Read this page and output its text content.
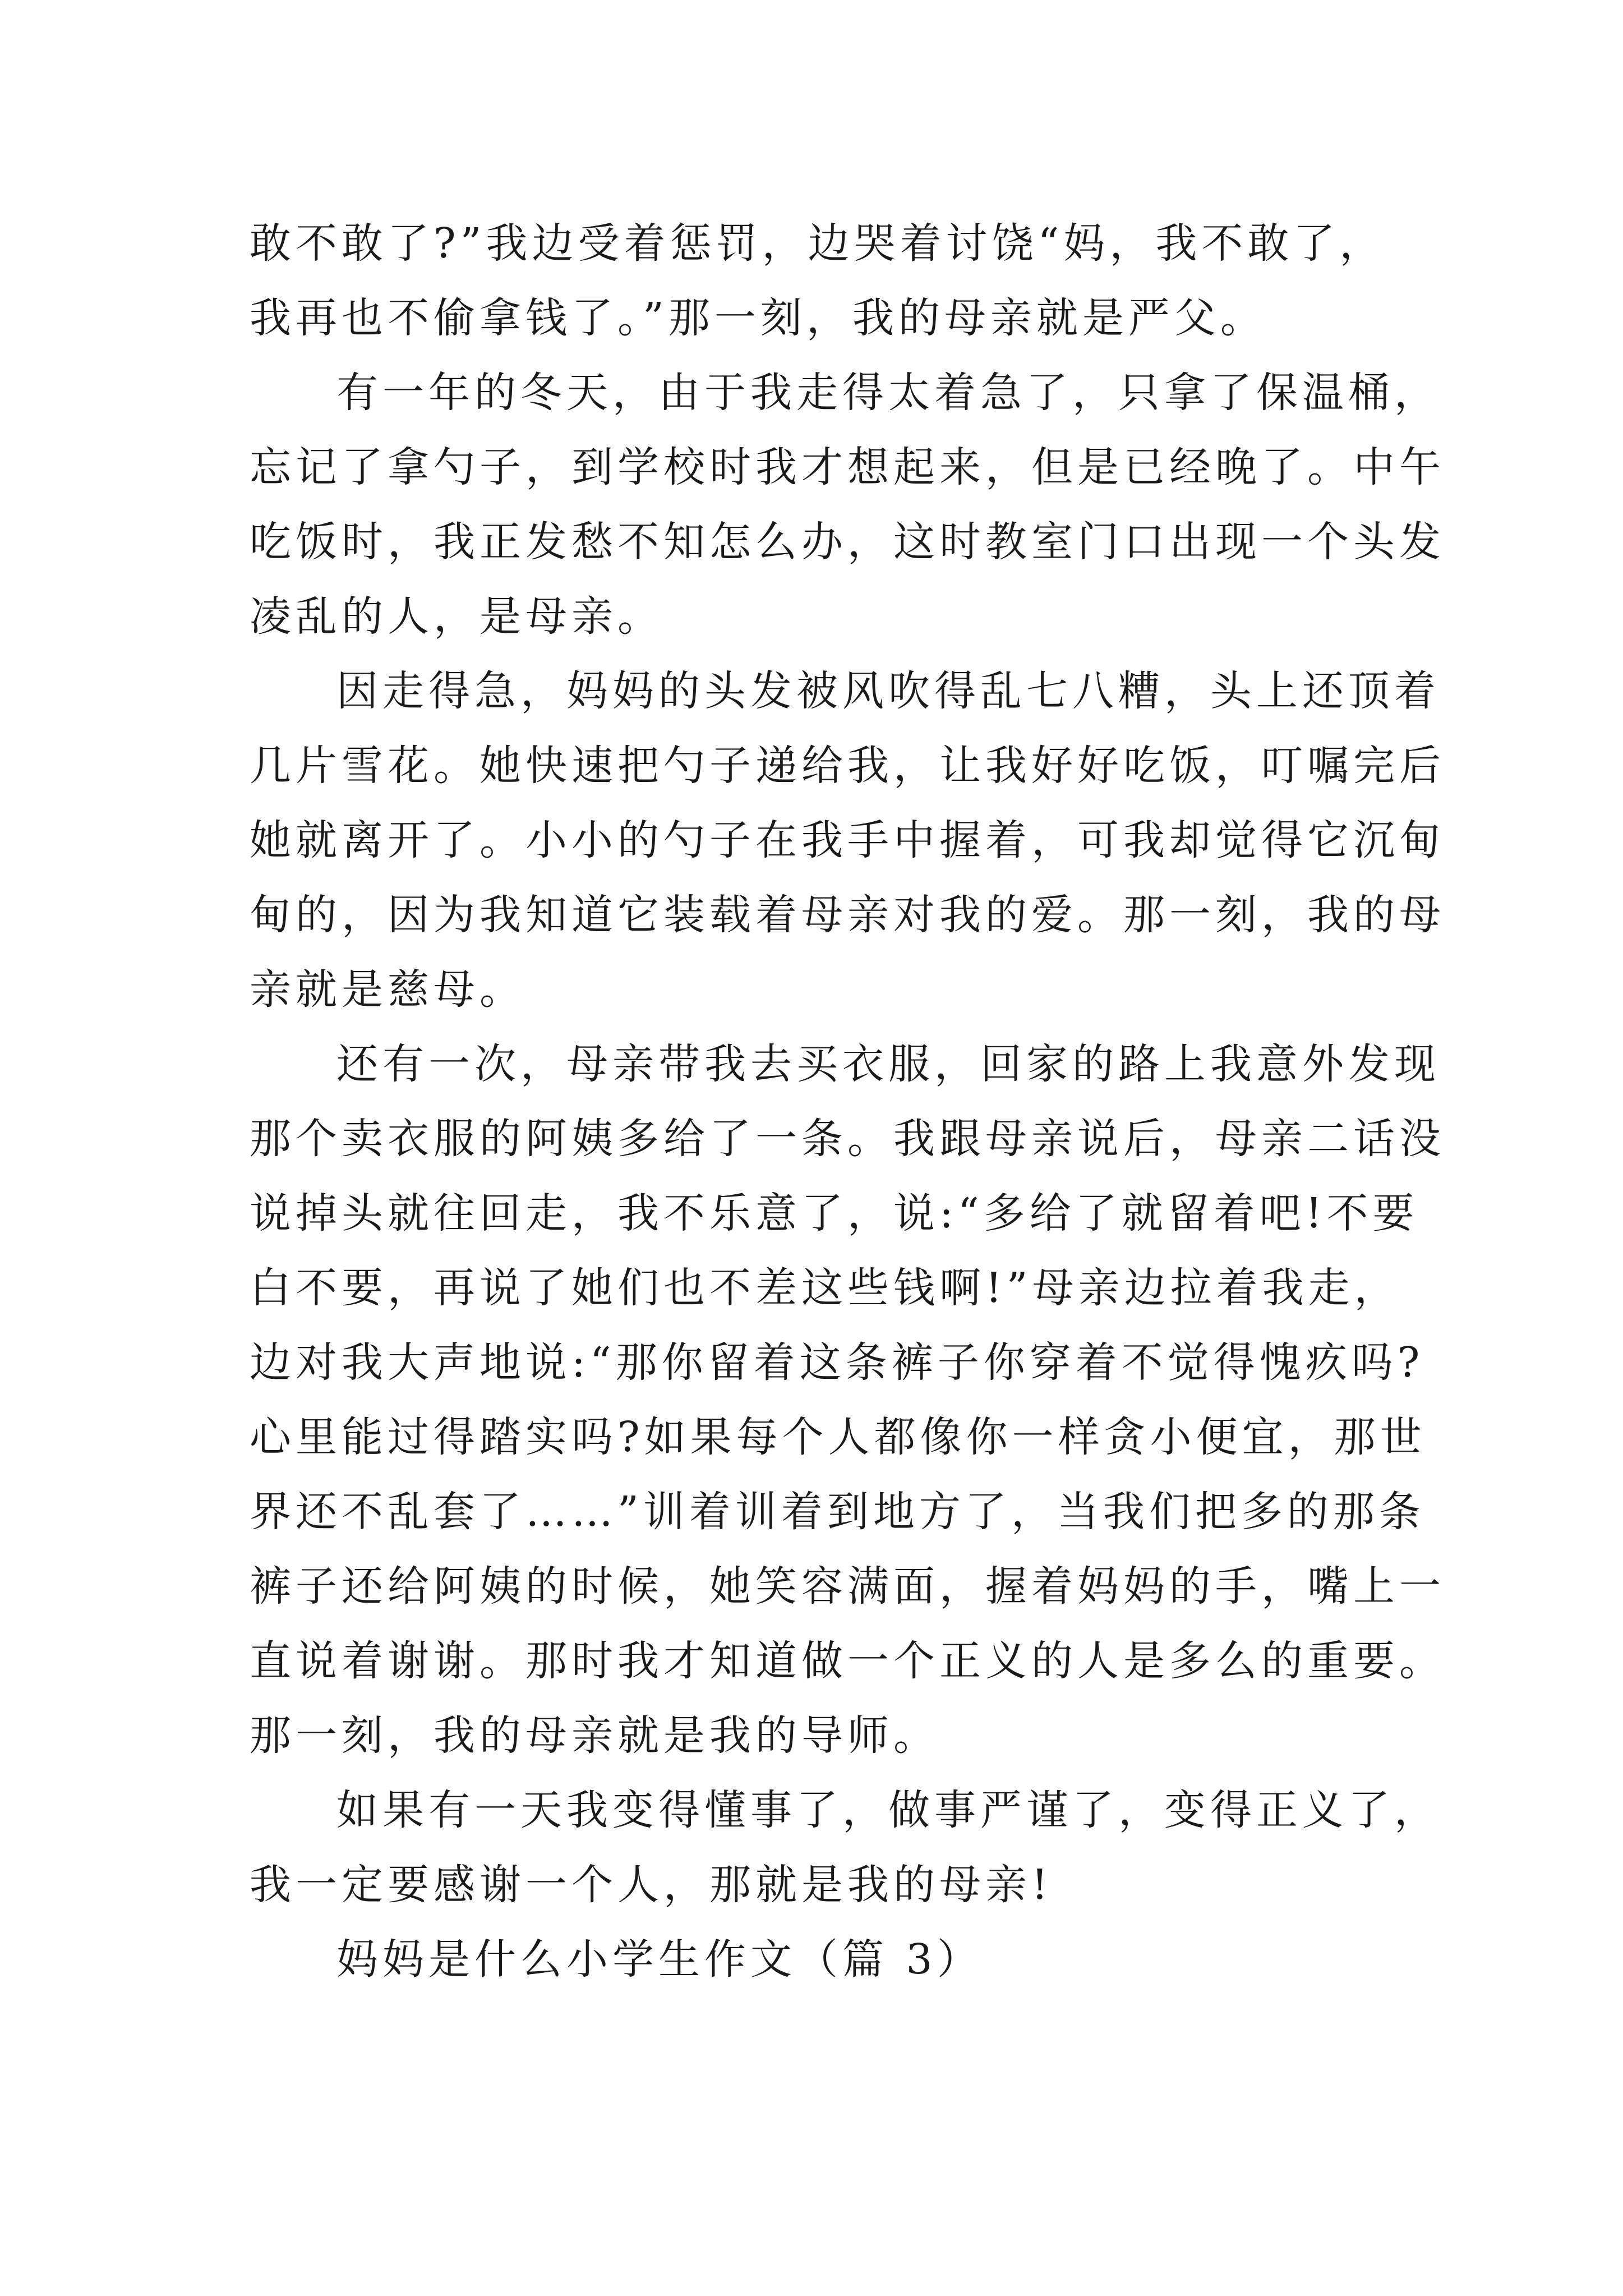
敢不敢了?”我边受着惩罚，边哭着讨饶“妈，我不敢了，
我再也不偷拿钱了。”那一刻，我的母亲就是严父。
有一年的冬天，由于我走得太着急了，只拿了保温桶，
忘记了拿勺子，到学校时我才想起来，但是已经晚了。中午
吃饭时，我正发愁不知怎么办，这时教室门口出现一个头发
凌乱的人，是母亲。
因走得急，妈妈的头发被风吹得乱七八糟，头上还顶着
几片雪花。她快速把勺子递给我，让我好好吃饭，叮嘱完后
她就离开了。小小的勺子在我手中握着，可我却觉得它沉甸
甸的，因为我知道它装载着母亲对我的爱。那一刻，我的母
亲就是慈母。
还有一次，母亲带我去买衣服，回家的路上我意外发现
那个卖衣服的阿姨多给了一条。我跟母亲说后，母亲二话没
说掉头就往回走，我不乐意了，说:“多给了就留着吧!不要
白不要，再说了她们也不差这些钱啊!”母亲边拉着我走，
边对我大声地说:“那你留着这条裤子你穿着不觉得愧疚吗?
心里能过得踏实吗?如果每个人都像你一样贪小便宜，那世
界还不乱套了……”训着训着到地方了，当我们把多的那条
裤子还给阿姨的时候，她笑容满面，握着妈妈的手，嘴上一
直说着谢谢。那时我才知道做一个正义的人是多么的重要。
那一刻，我的母亲就是我的导师。
如果有一天我变得懂事了，做事严谨了，变得正义了，
我一定要感谢一个人，那就是我的母亲!
妈妈是什么小学生作文（篇 3）
